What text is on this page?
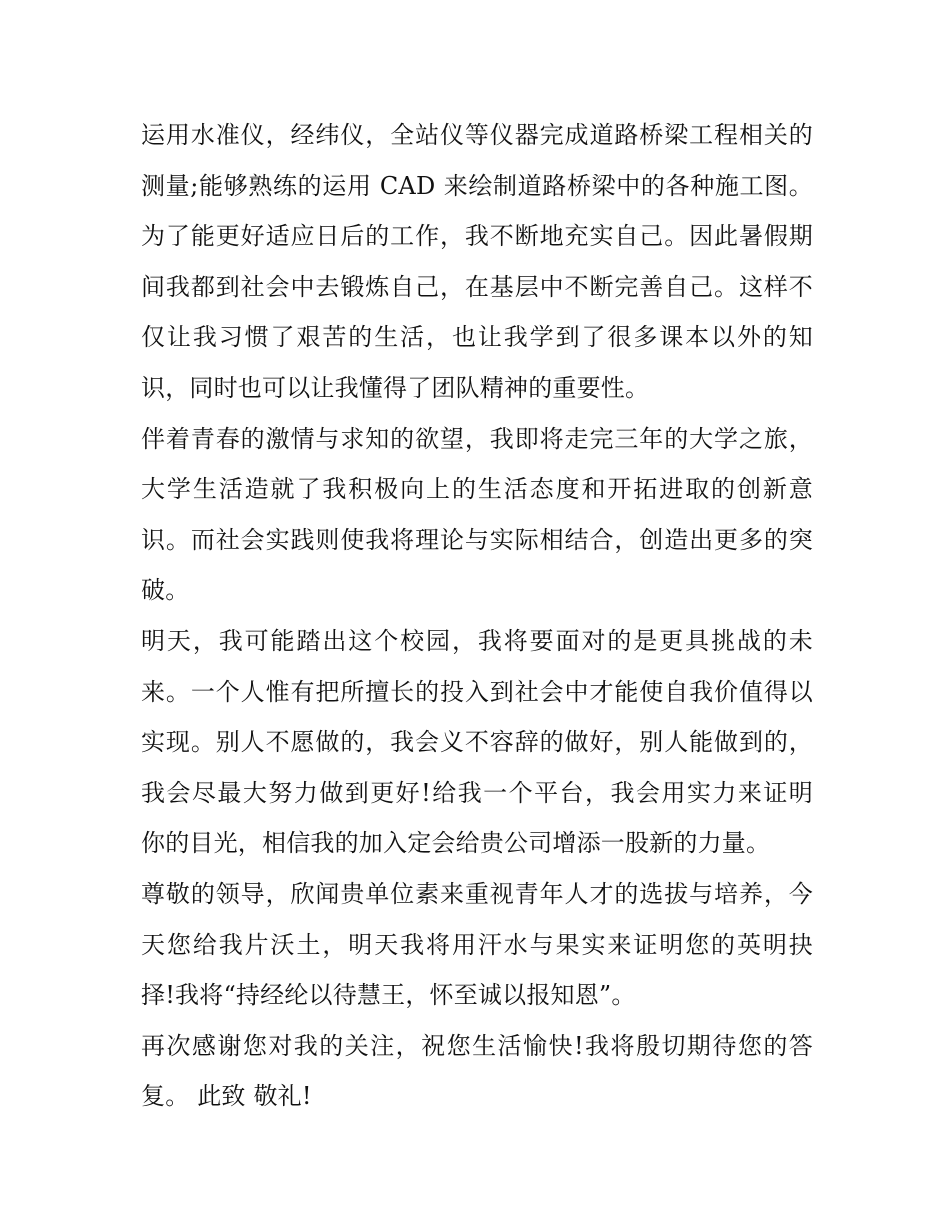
运用水准仪，经纬仪，全站仪等仪器完成道路桥梁工程相关的
测量;能够熟练的运用 CAD 来绘制道路桥梁中的各种施工图。
为了能更好适应日后的工作，我不断地充实自己。因此暑假期
间我都到社会中去锻炼自己，在基层中不断完善自己。这样不
仅让我习惯了艰苦的生活，也让我学到了很多课本以外的知
识，同时也可以让我懂得了团队精神的重要性。
伴着青春的激情与求知的欲望，我即将走完三年的大学之旅，
大学生活造就了我积极向上的生活态度和开拓进取的创新意
识。而社会实践则使我将理论与实际相结合，创造出更多的突
破。
明天，我可能踏出这个校园，我将要面对的是更具挑战的未
来。一个人惟有把所擅长的投入到社会中才能使自我价值得以
实现。别人不愿做的，我会义不容辞的做好，别人能做到的，
我会尽最大努力做到更好!给我一个平台，我会用实力来证明
你的目光，相信我的加入定会给贵公司增添一股新的力量。
尊敬的领导，欣闻贵单位素来重视青年人才的选拔与培养，今
天您给我片沃土，明天我将用汗水与果实来证明您的英明抉
择!我将“持经纶以待慧王，怀至诚以报知恩”。
再次感谢您对我的关注，祝您生活愉快!我将殷切期待您的答
复。 此致 敬礼!
